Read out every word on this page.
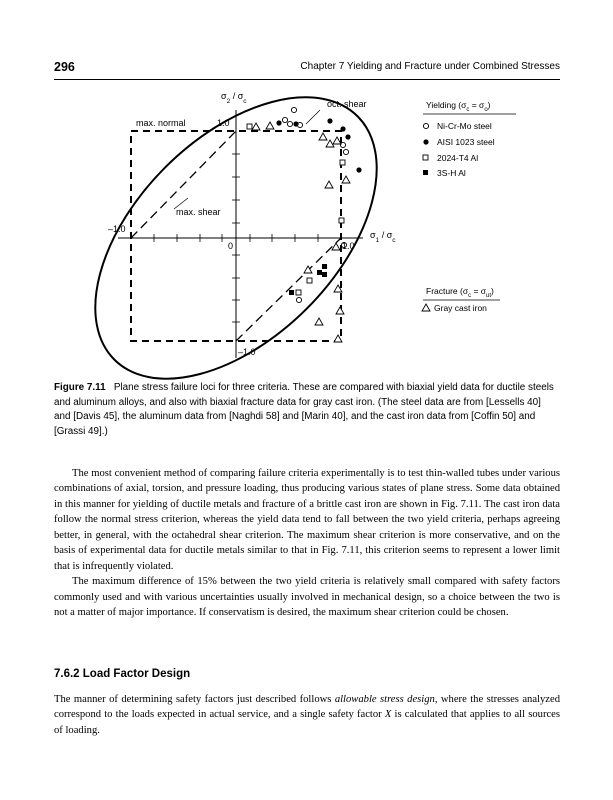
296	Chapter 7 Yielding and Fracture under Combined Stresses
$\sigma_2 / \sigma_c$
$\sigma_1 / \sigma_c$
max. normal
max. shear
oct. shear
1.0
–1.0
0	1.0
–1.0
Yielding $(\sigma_c = \sigma_o)$
Ni-Cr-Mo steel
AISI 1023 steel
2024-T4 Al
3S-H Al
Fracture $(\sigma_c = \sigma_{ut})$
Gray cast iron
Figure 7.11 Plane stress failure loci for three criteria. These are compared with biaxial yield data for ductile steels and aluminum alloys, and also with biaxial fracture data for gray cast iron. (The steel data are from [Lessells 40] and [Davis 45], the aluminum data from [Naghdi 58] and [Marin 40], and the cast iron data from [Coffin 50] and [Grassi 49].)

The most convenient method of comparing failure criteria experimentally is to test thin-walled tubes under various combinations of axial, torsion, and pressure loading, thus producing various states of plane stress. Some data obtained in this manner for yielding of ductile metals and fracture of a brittle cast iron are shown in Fig. 7.11. The cast iron data follow the normal stress criterion, whereas the yield data tend to fall between the two yield criteria, perhaps agreeing better, in general, with the octahedral shear criterion. The maximum shear criterion is more conservative, and on the basis of experimental data for ductile metals similar to that in Fig. 7.11, this criterion seems to represent a lower limit that is infrequently violated.

The maximum difference of 15% between the two yield criteria is relatively small compared with safety factors commonly used and with various uncertainties usually involved in mechanical design, so a choice between the two is not a matter of major importance. If conservatism is desired, the maximum shear criterion could be chosen.

7.6.2 Load Factor Design

The manner of determining safety factors just described follows allowable stress design, where the stresses analyzed correspond to the loads expected in actual service, and a single safety factor X is calculated that applies to all sources of loading.
